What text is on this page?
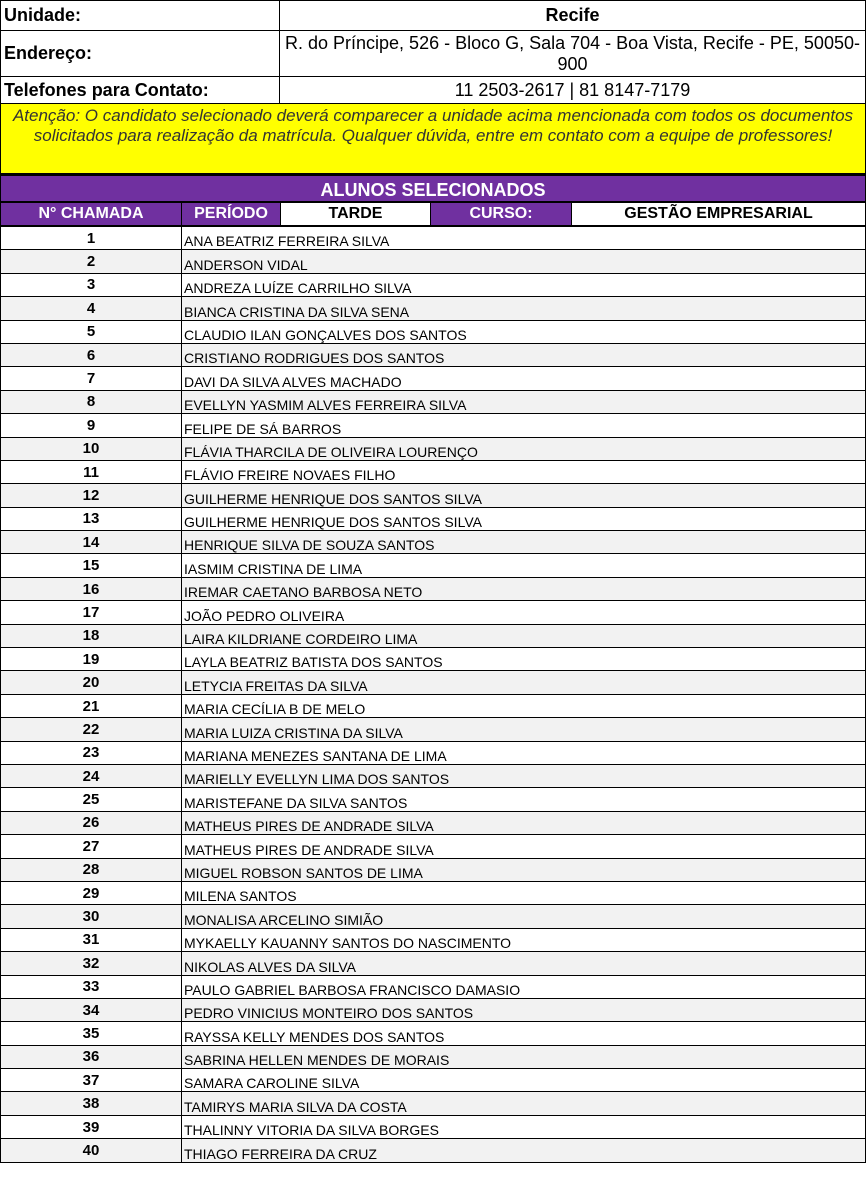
Unidade:	Recife
Endereço:	R. do Príncipe, 526 - Bloco G, Sala 704 - Boa Vista, Recife - PE, 50050-900
Telefones para Contato:	11 2503-2617 | 81 8147-7179
Atenção: O candidato selecionado deverá comparecer a unidade acima mencionada com todos os documentos solicitados para realização da matrícula. Qualquer dúvida, entre em contato com a equipe de professores!
ALUNOS SELECIONADOS
N° CHAMADA	PERÍODO	TARDE	CURSO:	GESTÃO EMPRESARIAL
1	ANA BEATRIZ FERREIRA SILVA
2	ANDERSON VIDAL
3	ANDREZA LUÍZE CARRILHO SILVA
4	BIANCA CRISTINA DA SILVA SENA
5	CLAUDIO ILAN GONÇALVES DOS SANTOS
6	CRISTIANO RODRIGUES DOS SANTOS
7	DAVI DA SILVA ALVES MACHADO
8	EVELLYN YASMIM ALVES FERREIRA SILVA
9	FELIPE DE SÁ BARROS
10	FLÁVIA THARCILA DE OLIVEIRA LOURENÇO
11	FLÁVIO FREIRE NOVAES FILHO
12	GUILHERME HENRIQUE DOS SANTOS SILVA
13	GUILHERME HENRIQUE DOS SANTOS SILVA
14	HENRIQUE SILVA DE SOUZA SANTOS
15	IASMIM CRISTINA DE LIMA
16	IREMAR CAETANO BARBOSA NETO
17	JOÃO PEDRO OLIVEIRA
18	LAIRA KILDRIANE CORDEIRO LIMA
19	LAYLA BEATRIZ BATISTA DOS SANTOS
20	LETYCIA FREITAS DA SILVA
21	MARIA CECÍLIA B DE MELO
22	MARIA LUIZA CRISTINA DA SILVA
23	MARIANA MENEZES SANTANA DE LIMA
24	MARIELLY EVELLYN LIMA DOS SANTOS
25	MARISTEFANE DA SILVA SANTOS
26	MATHEUS PIRES DE ANDRADE SILVA
27	MATHEUS PIRES DE ANDRADE SILVA
28	MIGUEL ROBSON SANTOS DE LIMA
29	MILENA SANTOS
30	MONALISA ARCELINO SIMIÃO
31	MYKAELLY KAUANNY SANTOS DO NASCIMENTO
32	NIKOLAS ALVES DA SILVA
33	PAULO GABRIEL BARBOSA FRANCISCO DAMASIO
34	PEDRO VINICIUS MONTEIRO DOS SANTOS
35	RAYSSA KELLY MENDES DOS SANTOS
36	SABRINA HELLEN MENDES DE MORAIS
37	SAMARA CAROLINE SILVA
38	TAMIRYS MARIA SILVA DA COSTA
39	THALINNY VITORIA DA SILVA BORGES
40	THIAGO FERREIRA DA CRUZ
